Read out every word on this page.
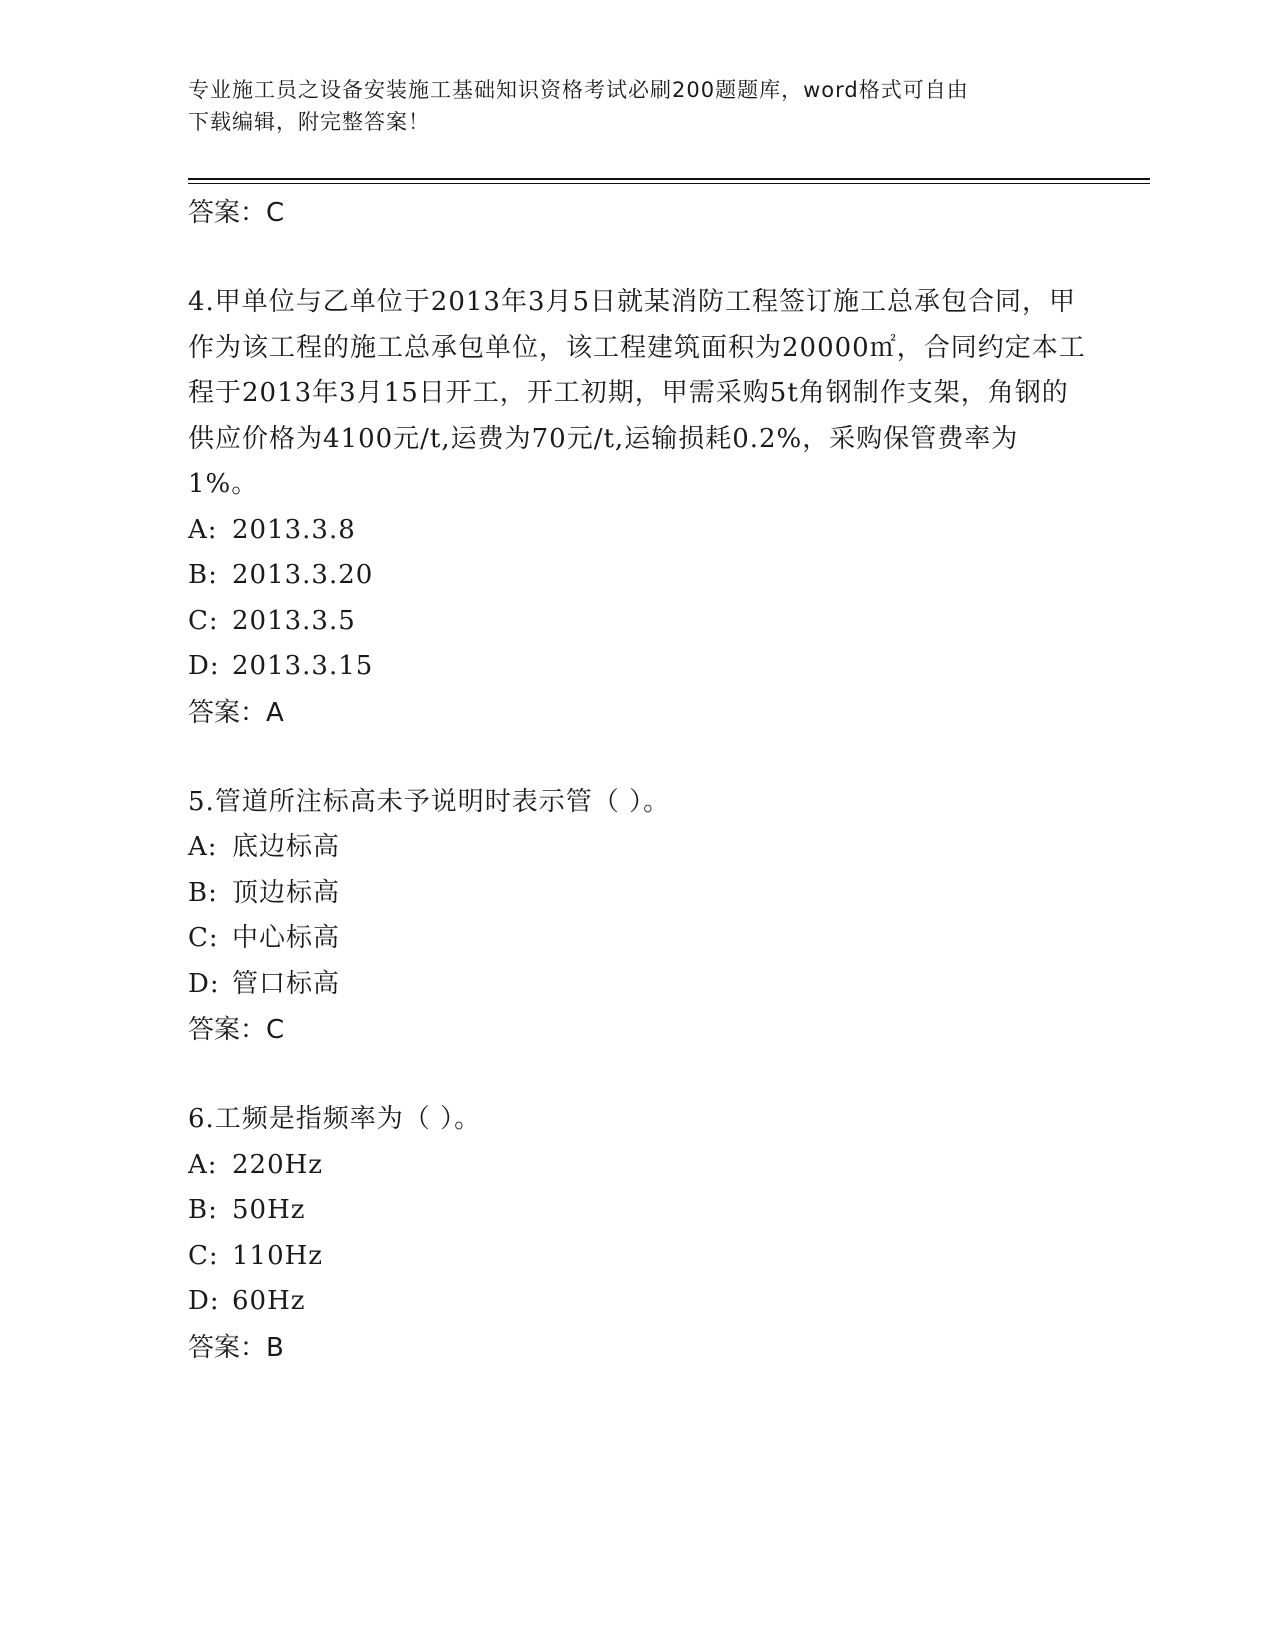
专业施工员之设备安装施工基础知识资格考试必刷200题题库，word格式可自由
下载编辑，附完整答案！
答案：C
4.甲单位与乙单位于2013年3月5日就某消防工程签订施工总承包合同，甲作为该工程的施工总承包单位，该工程建筑面积为20000㎡，合同约定本工程于2013年3月15日开工，开工初期，甲需采购5t角钢制作支架，角钢的供应价格为4100元/t,运费为70元/t,运输损耗0.2%，采购保管费率为1%。
A: 2013.3.8
B: 2013.3.20
C: 2013.3.5
D: 2013.3.15
答案：A
5.管道所注标高未予说明时表示管（ ）。
A: 底边标高
B: 顶边标高
C: 中心标高
D: 管口标高
答案：C
6.工频是指频率为（ ）。
A: 220Hz
B: 50Hz
C: 110Hz
D: 60Hz
答案：B
